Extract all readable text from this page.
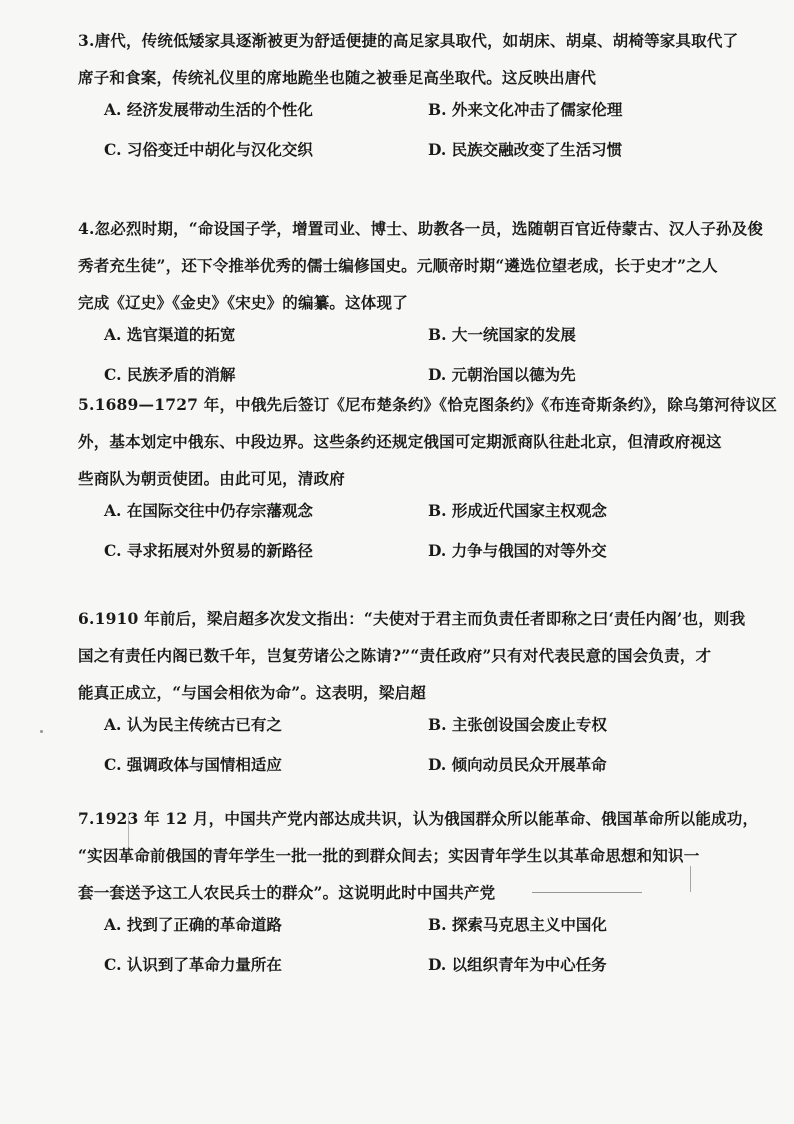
3.唐代，传统低矮家具逐渐被更为舒适便捷的高足家具取代，如胡床、胡桌、胡椅等家具取代了
席子和食案，传统礼仪里的席地跪坐也随之被垂足高坐取代。这反映出唐代
A. 经济发展带动生活的个性化	B. 外来文化冲击了儒家伦理
C. 习俗变迁中胡化与汉化交织	D. 民族交融改变了生活习惯
4.忽必烈时期，“命设国子学，增置司业、博士、助教各一员，选随朝百官近侍蒙古、汉人子孙及俊
秀者充生徒”，还下令推举优秀的儒士编修国史。元顺帝时期“遴选位望老成，长于史才”之人
完成《辽史》《金史》《宋史》的编纂。这体现了
A. 选官渠道的拓宽	B. 大一统国家的发展
C. 民族矛盾的消解	D. 元朝治国以德为先
5.1689—1727 年，中俄先后签订《尼布楚条约》《恰克图条约》《布连奇斯条约》，除乌第河待议区
外，基本划定中俄东、中段边界。这些条约还规定俄国可定期派商队往赴北京，但清政府视这
些商队为朝贡使团。由此可见，清政府
A. 在国际交往中仍存宗藩观念	B. 形成近代国家主权观念
C. 寻求拓展对外贸易的新路径	D. 力争与俄国的对等外交
6.1910 年前后，梁启超多次发文指出：“夫使对于君主而负责任者即称之曰‘责任内阁’也，则我
国之有责任内阁已数千年，岂复劳诸公之陈请?”“责任政府”只有对代表民意的国会负责，才
能真正成立，“与国会相依为命”。这表明，梁启超
A. 认为民主传统古已有之	B. 主张创设国会废止专权
C. 强调政体与国情相适应	D. 倾向动员民众开展革命
7.1923 年 12 月，中国共产党内部达成共识，认为俄国群众所以能革命、俄国革命所以能成功，
“实因革命前俄国的青年学生一批一批的到群众间去；实因青年学生以其革命思想和知识一
套一套送予这工人农民兵士的群众”。这说明此时中国共产党
A. 找到了正确的革命道路	B. 探索马克思主义中国化
C. 认识到了革命力量所在	D. 以组织青年为中心任务
